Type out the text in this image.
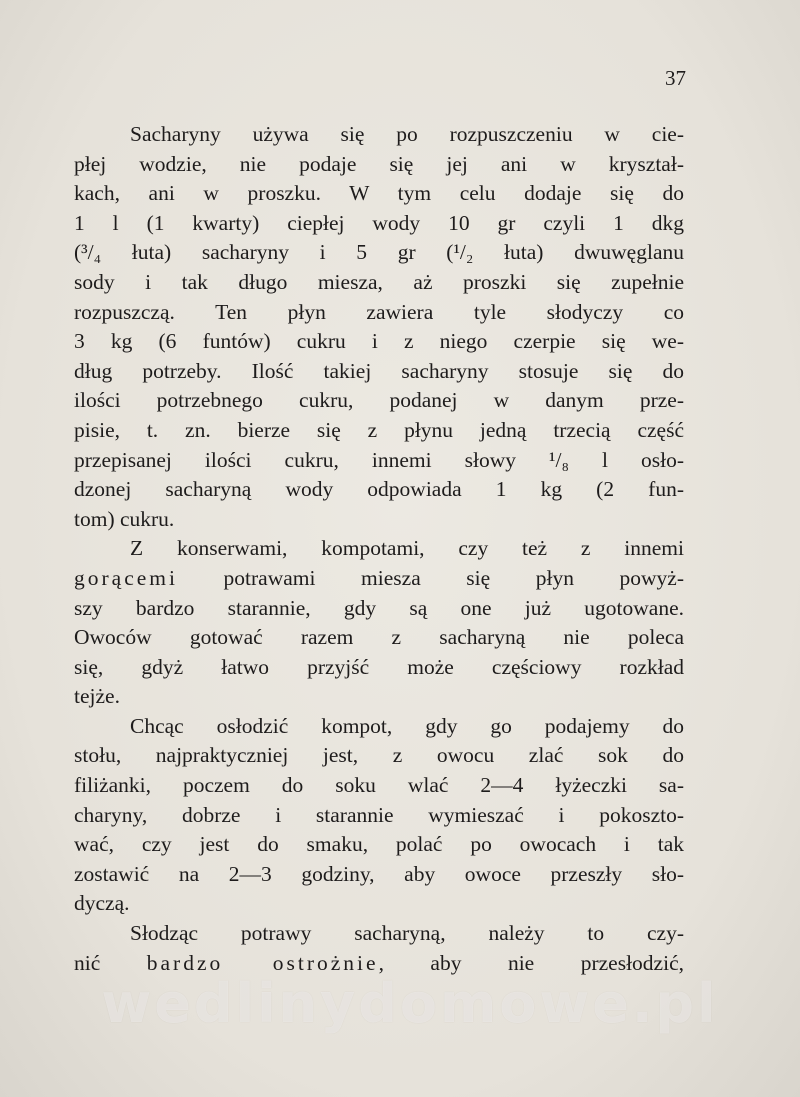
37
Sacharyny używa się po rozpuszczeniu w cie-
płej wodzie, nie podaje się jej ani w kryształ-
kach, ani w proszku. W tym celu dodaje się do
1 l (1 kwarty) ciepłej wody 10 gr czyli 1 dkg
(³/₄ łuta) sacharyny i 5 gr (¹/₂ łuta) dwuwęglanu
sody i tak długo miesza, aż proszki się zupełnie
rozpuszczą. Ten płyn zawiera tyle słodyczy co
3 kg (6 funtów) cukru i z niego czerpie się we-
dług potrzeby. Ilość takiej sacharyny stosuje się do
ilości potrzebnego cukru, podanej w danym prze-
pisie, t. zn. bierze się z płynu jedną trzecią część
przepisanej ilości cukru, innemi słowy ¹/₈ l osło-
dzonej sacharyną wody odpowiada 1 kg (2 fun-
tom) cukru.
Z konserwami, kompotami, czy też z innemi
gorącemi potrawami miesza się płyn powyż-
szy bardzo starannie, gdy są one już ugotowane.
Owoców gotować razem z sacharyną nie poleca
się, gdyż łatwo przyjść może częściowy rozkład
tejże.
Chcąc osłodzić kompot, gdy go podajemy do
stołu, najpraktyczniej jest, z owocu zlać sok do
filiżanki, poczem do soku wlać 2—4 łyżeczki sa-
charyny, dobrze i starannie wymieszać i pokoszto-
wać, czy jest do smaku, polać po owocach i tak
zostawić na 2—3 godziny, aby owoce przeszły sło-
dyczą.
Słodząc potrawy sacharyną, należy to czy-
nić bardzo ostrożnie, aby nie przesłodzić,
wedlinydomowe.pl
